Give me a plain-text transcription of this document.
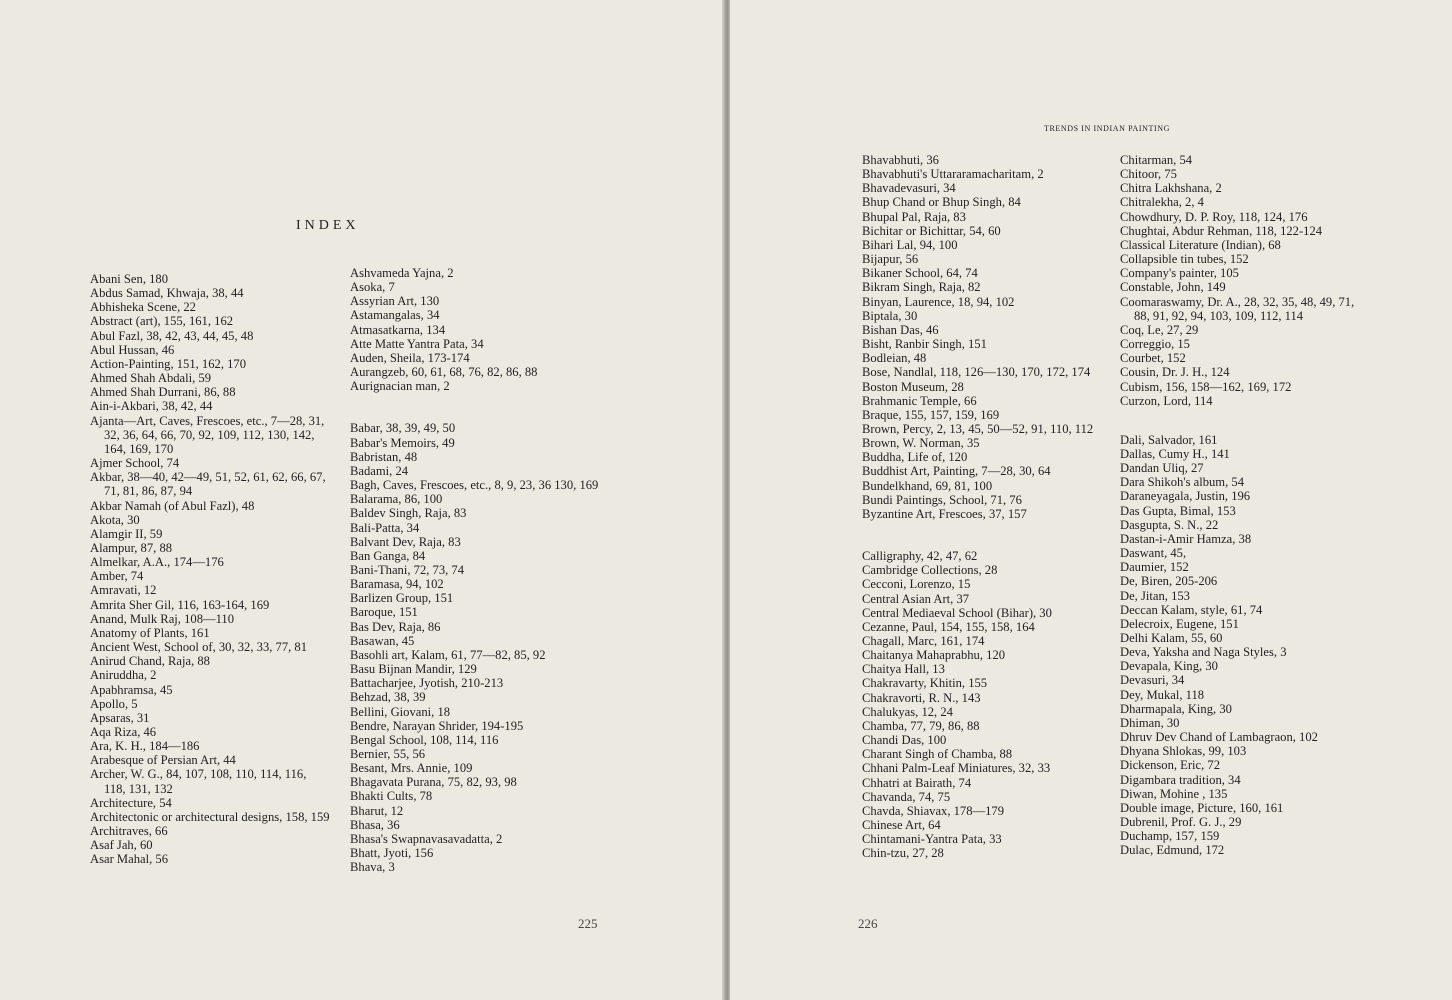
INDEX
Abani Sen, 180
Abdus Samad, Khwaja, 38, 44
Abhisheka Scene, 22
Abstract (art), 155, 161, 162
Abul Fazl, 38, 42, 43, 44, 45, 48
Abul Hussan, 46
Action-Painting, 151, 162, 170
Ahmed Shah Abdali, 59
Ahmed Shah Durrani, 86, 88
Ain-i-Akbari, 38, 42, 44
Ajanta—Art, Caves, Frescoes, etc., 7—28, 31, 32, 36, 64, 66, 70, 92, 109, 112, 130, 142, 164, 169, 170
Ajmer School, 74
Akbar, 38—40, 42—49, 51, 52, 61, 62, 66, 67, 71, 81, 86, 87, 94
Akbar Namah (of Abul Fazl), 48
Akota, 30
Alamgir II, 59
Alampur, 87, 88
Almelkar, A.A., 174—176
Amber, 74
Amravati, 12
Amrita Sher Gil, 116, 163-164, 169
Anand, Mulk Raj, 108—110
Anatomy of Plants, 161
Ancient West, School of, 30, 32, 33, 77, 81
Anirud Chand, Raja, 88
Aniruddha, 2
Apabhramsa, 45
Apollo, 5
Apsaras, 31
Aqa Riza, 46
Ara, K. H., 184—186
Arabesque of Persian Art, 44
Archer, W. G., 84, 107, 108, 110, 114, 116, 118, 131, 132
Architecture, 54
Architectonic or architectural designs, 158, 159
Architraves, 66
Asaf Jah, 60
Asar Mahal, 56
Ashvameda Yajna, 2
Asoka, 7
Assyrian Art, 130
Astamangalas, 34
Atmasatkarna, 134
Atte Matte Yantra Pata, 34
Auden, Sheila, 173-174
Aurangzeb, 60, 61, 68, 76, 82, 86, 88
Aurignacian man, 2
Babar, 38, 39, 49, 50
Babar's Memoirs, 49
Babristan, 48
Badami, 24
Bagh, Caves, Frescoes, etc., 8, 9, 23, 36 130, 169
Balarama, 86, 100
Baldev Singh, Raja, 83
Bali-Patta, 34
Balvant Dev, Raja, 83
Ban Ganga, 84
Bani-Thani, 72, 73, 74
Baramasa, 94, 102
Barlizen Group, 151
Baroque, 151
Bas Dev, Raja, 86
Basawan, 45
Basohli art, Kalam, 61, 77—82, 85, 92
Basu Bijnan Mandir, 129
Battacharjee, Jyotish, 210-213
Behzad, 38, 39
Bellini, Giovani, 18
Bendre, Narayan Shrider, 194-195
Bengal School, 108, 114, 116
Bernier, 55, 56
Besant, Mrs. Annie, 109
Bhagavata Purana, 75, 82, 93, 98
Bhakti Cults, 78
Bharut, 12
Bhasa, 36
Bhasa's Swapnavasavadatta, 2
Bhatt, Jyoti, 156
Bhava, 3
225
TRENDS IN INDIAN PAINTING
Bhavabhuti, 36
Bhavabhuti's Uttararamacharitam, 2
Bhavadevasuri, 34
Bhup Chand or Bhup Singh, 84
Bhupal Pal, Raja, 83
Bichitar or Bichittar, 54, 60
Bihari Lal, 94, 100
Bijapur, 56
Bikaner School, 64, 74
Bikram Singh, Raja, 82
Binyan, Laurence, 18, 94, 102
Biptala, 30
Bishan Das, 46
Bisht, Ranbir Singh, 151
Bodleian, 48
Bose, Nandlal, 118, 126—130, 170, 172, 174
Boston Museum, 28
Brahmanic Temple, 66
Braque, 155, 157, 159, 169
Brown, Percy, 2, 13, 45, 50—52, 91, 110, 112
Brown, W. Norman, 35
Buddha, Life of, 120
Buddhist Art, Painting, 7—28, 30, 64
Bundelkhand, 69, 81, 100
Bundi Paintings, School, 71, 76
Byzantine Art, Frescoes, 37, 157
Calligraphy, 42, 47, 62
Cambridge Collections, 28
Cecconi, Lorenzo, 15
Central Asian Art, 37
Central Mediaeval School (Bihar), 30
Cezanne, Paul, 154, 155, 158, 164
Chagall, Marc, 161, 174
Chaitanya Mahaprabhu, 120
Chaitya Hall, 13
Chakravarty, Khitin, 155
Chakravorti, R. N., 143
Chalukyas, 12, 24
Chamba, 77, 79, 86, 88
Chandi Das, 100
Charant Singh of Chamba, 88
Chhani Palm-Leaf Miniatures, 32, 33
Chhatri at Bairath, 74
Chavanda, 74, 75
Chavda, Shiavax, 178—179
Chinese Art, 64
Chintamani-Yantra Pata, 33
Chin-tzu, 27, 28
Chitarman, 54
Chitoor, 75
Chitra Lakhshana, 2
Chitralekha, 2, 4
Chowdhury, D. P. Roy, 118, 124, 176
Chughtai, Abdur Rehman, 118, 122-124
Classical Literature (Indian), 68
Collapsible tin tubes, 152
Company's painter, 105
Constable, John, 149
Coomaraswamy, Dr. A., 28, 32, 35, 48, 49, 71, 88, 91, 92, 94, 103, 109, 112, 114
Coq, Le, 27, 29
Correggio, 15
Courbet, 152
Cousin, Dr. J. H., 124
Cubism, 156, 158—162, 169, 172
Curzon, Lord, 114
Dali, Salvador, 161
Dallas, Cumy H., 141
Dandan Uliq, 27
Dara Shikoh's album, 54
Daraneyagala, Justin, 196
Das Gupta, Bimal, 153
Dasgupta, S. N., 22
Dastan-i-Amir Hamza, 38
Daswant, 45,
Daumier, 152
De, Biren, 205-206
De, Jitan, 153
Deccan Kalam, style, 61, 74
Delecroix, Eugene, 151
Delhi Kalam, 55, 60
Deva, Yaksha and Naga Styles, 3
Devapala, King, 30
Devasuri, 34
Dey, Mukal, 118
Dharmapala, King, 30
Dhiman, 30
Dhruv Dev Chand of Lambagraon, 102
Dhyana Shlokas, 99, 103
Dickenson, Eric, 72
Digambara tradition, 34
Diwan, Mohine , 135
Double image, Picture, 160, 161
Dubrenil, Prof. G. J., 29
Duchamp, 157, 159
Dulac, Edmund, 172
226
